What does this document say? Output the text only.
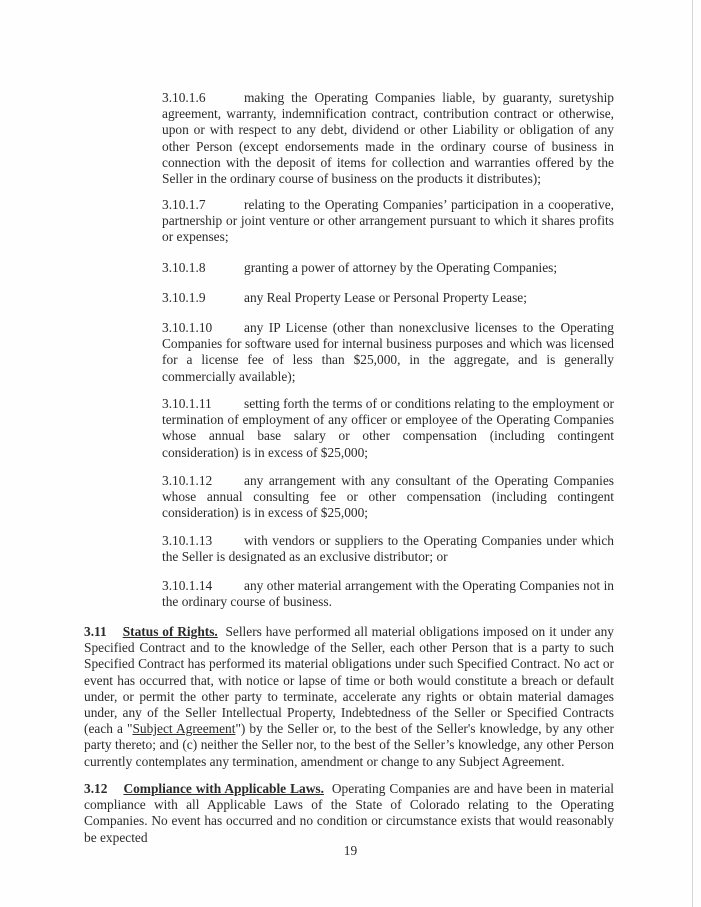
3.10.1.6	making the Operating Companies liable, by guaranty, suretyship agreement, warranty, indemnification contract, contribution contract or otherwise, upon or with respect to any debt, dividend or other Liability or obligation of any other Person (except endorsements made in the ordinary course of business in connection with the deposit of items for collection and warranties offered by the Seller in the ordinary course of business on the products it distributes);

3.10.1.7	relating to the Operating Companies’ participation in a cooperative, partnership or joint venture or other arrangement pursuant to which it shares profits or expenses;

3.10.1.8	granting a power of attorney by the Operating Companies;

3.10.1.9	any Real Property Lease or Personal Property Lease;

3.10.1.10 any IP License (other than nonexclusive licenses to the Operating Companies for software used for internal business purposes and which was licensed for a license fee of less than $25,000, in the aggregate, and is generally commercially available);

3.10.1.11 setting forth the terms of or conditions relating to the employment or termination of employment of any officer or employee of the Operating Companies whose annual base salary or other compensation (including contingent consideration) is in excess of $25,000;

3.10.1.12 any arrangement with any consultant of the Operating Companies whose annual consulting fee or other compensation (including contingent consideration) is in excess of $25,000;

3.10.1.13 with vendors or suppliers to the Operating Companies under which the Seller is designated as an exclusive distributor; or

3.10.1.14 any other material arrangement with the Operating Companies not in the ordinary course of business.

3.11 Status of Rights. Sellers have performed all material obligations imposed on it under any Specified Contract and to the knowledge of the Seller, each other Person that is a party to such Specified Contract has performed its material obligations under such Specified Contract. No act or event has occurred that, with notice or lapse of time or both would constitute a breach or default under, or permit the other party to terminate, accelerate any rights or obtain material damages under, any of the Seller Intellectual Property, Indebtedness of the Seller or Specified Contracts (each a "Subject Agreement") by the Seller or, to the best of the Seller's knowledge, by any other party thereto; and (c) neither the Seller nor, to the best of the Seller’s knowledge, any other Person currently contemplates any termination, amendment or change to any Subject Agreement.

3.12 Compliance with Applicable Laws. Operating Companies are and have been in material compliance with all Applicable Laws of the State of Colorado relating to the Operating Companies. No event has occurred and no condition or circumstance exists that would reasonably be expected

19
